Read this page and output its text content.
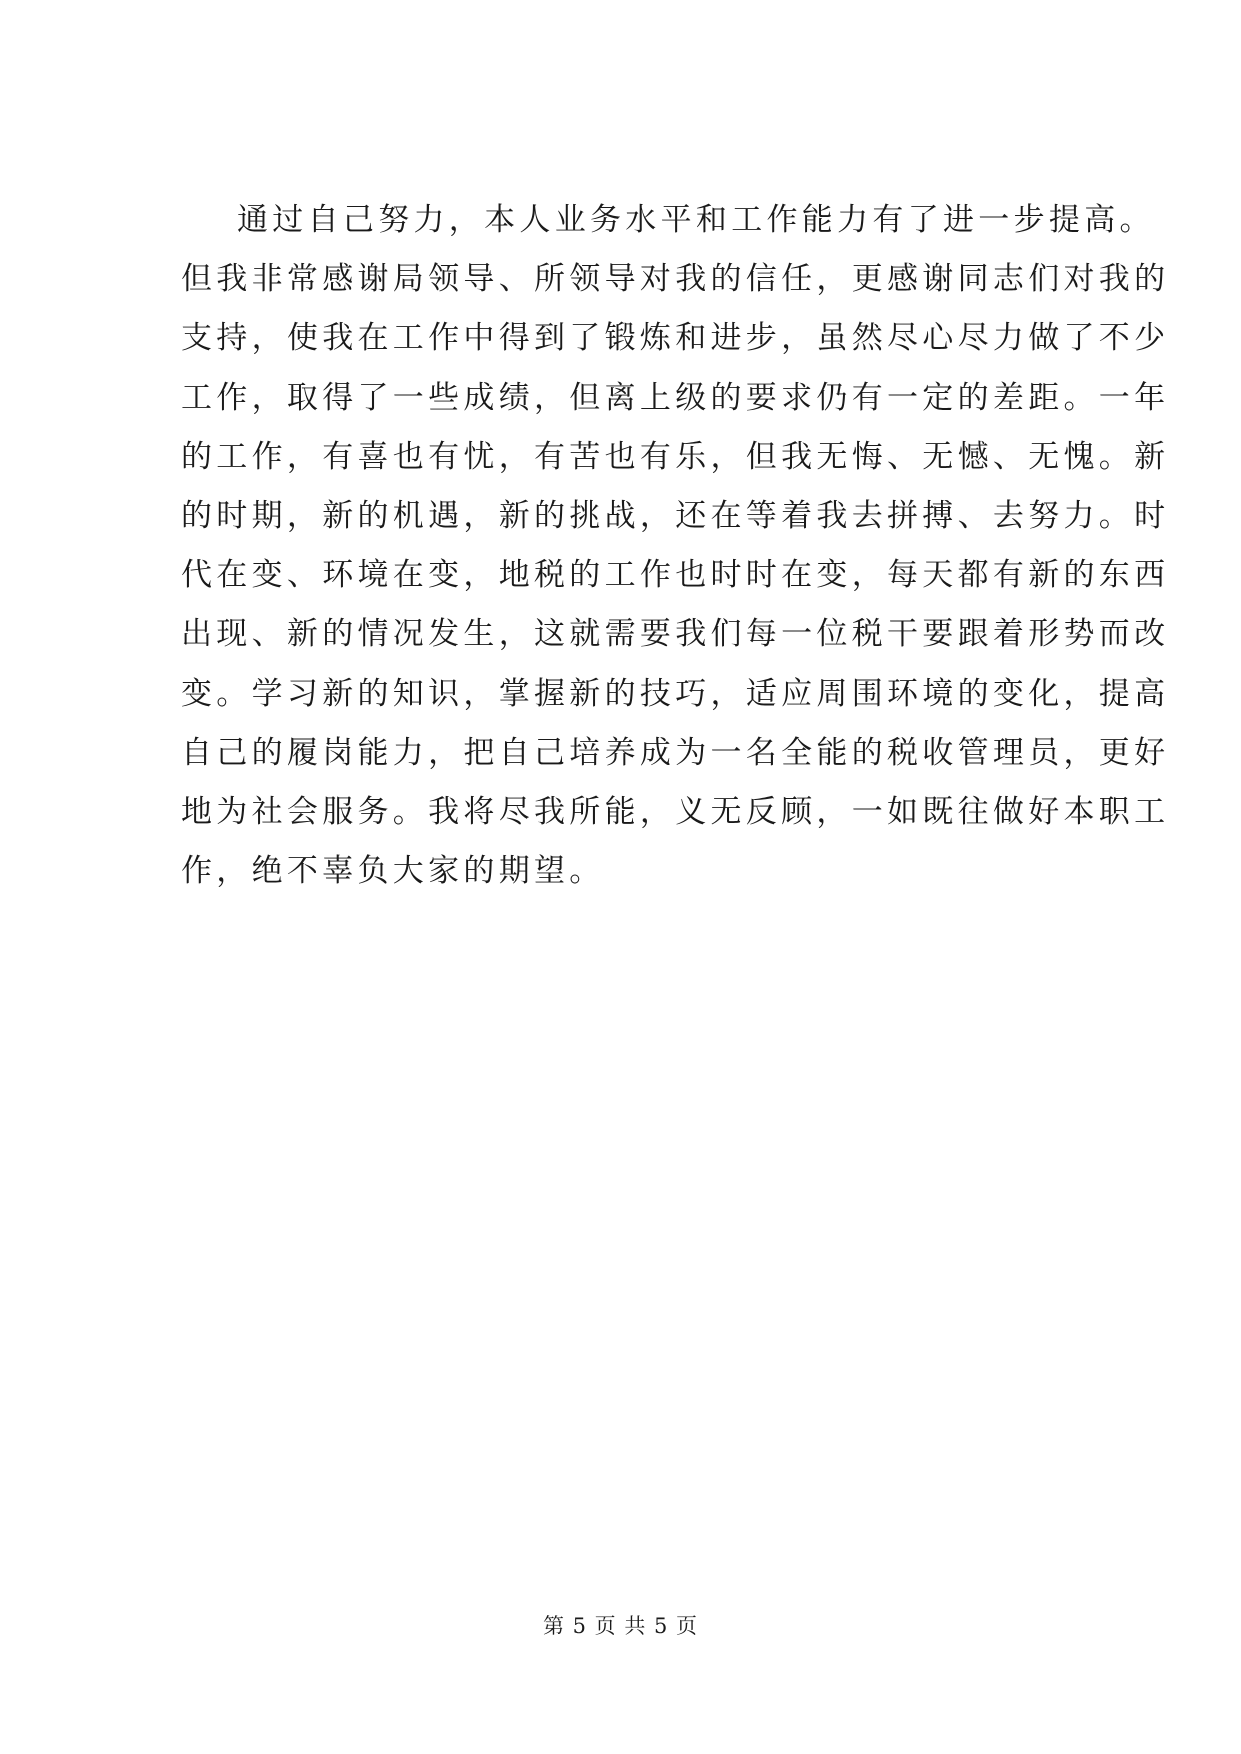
通过自己努力，本人业务水平和工作能力有了进一步提高。
但我非常感谢局领导、所领导对我的信任，更感谢同志们对我的
支持，使我在工作中得到了锻炼和进步，虽然尽心尽力做了不少
工作，取得了一些成绩，但离上级的要求仍有一定的差距。一年
的工作，有喜也有忧，有苦也有乐，但我无悔、无憾、无愧。新
的时期，新的机遇，新的挑战，还在等着我去拼搏、去努力。时
代在变、环境在变，地税的工作也时时在变，每天都有新的东西
出现、新的情况发生，这就需要我们每一位税干要跟着形势而改
变。学习新的知识，掌握新的技巧，适应周围环境的变化，提高
自己的履岗能力，把自己培养成为一名全能的税收管理员，更好
地为社会服务。我将尽我所能，义无反顾，一如既往做好本职工
作，绝不辜负大家的期望。
第 5 页 共 5 页
